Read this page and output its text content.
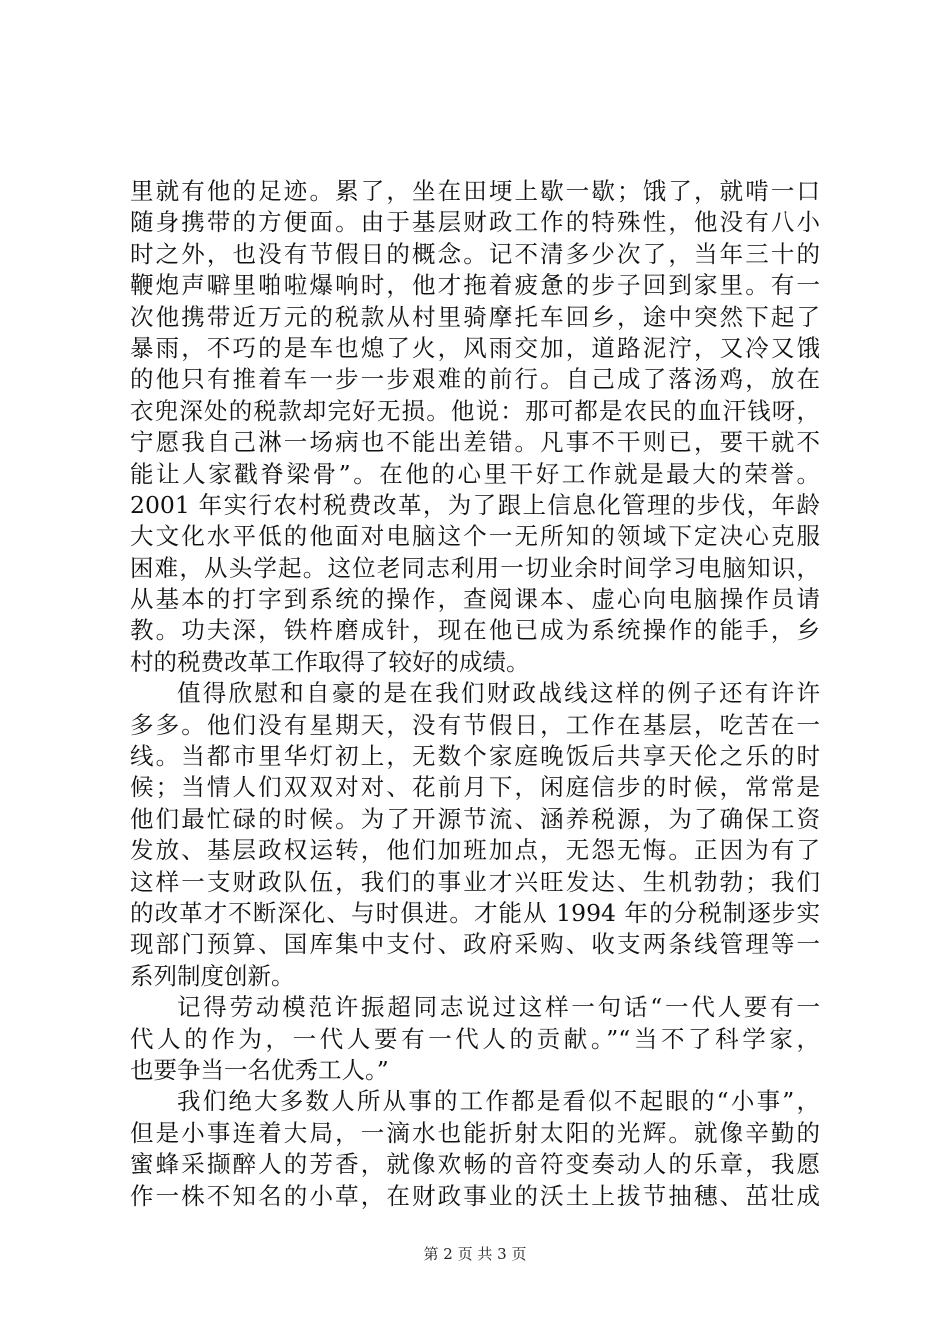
里就有他的足迹。累了，坐在田埂上歇一歇；饿了，就啃一口
随身携带的方便面。由于基层财政工作的特殊性，他没有八小
时之外，也没有节假日的概念。记不清多少次了，当年三十的
鞭炮声噼里啪啦爆响时，他才拖着疲惫的步子回到家里。有一
次他携带近万元的税款从村里骑摩托车回乡，途中突然下起了
暴雨，不巧的是车也熄了火，风雨交加，道路泥泞，又冷又饿
的他只有推着车一步一步艰难的前行。自己成了落汤鸡，放在
衣兜深处的税款却完好无损。他说：那可都是农民的血汗钱呀，
宁愿我自己淋一场病也不能出差错。凡事不干则已，要干就不
能让人家戳脊梁骨”。在他的心里干好工作就是最大的荣誉。
2001 年实行农村税费改革，为了跟上信息化管理的步伐，年龄
大文化水平低的他面对电脑这个一无所知的领域下定决心克服
困难，从头学起。这位老同志利用一切业余时间学习电脑知识，
从基本的打字到系统的操作，查阅课本、虚心向电脑操作员请
教。功夫深，铁杵磨成针，现在他已成为系统操作的能手，乡
村的税费改革工作取得了较好的成绩。
值得欣慰和自豪的是在我们财政战线这样的例子还有许许
多多。他们没有星期天，没有节假日，工作在基层，吃苦在一
线。当都市里华灯初上，无数个家庭晚饭后共享天伦之乐的时
候；当情人们双双对对、花前月下，闲庭信步的时候，常常是
他们最忙碌的时候。为了开源节流、涵养税源，为了确保工资
发放、基层政权运转，他们加班加点，无怨无悔。正因为有了
这样一支财政队伍，我们的事业才兴旺发达、生机勃勃；我们
的改革才不断深化、与时俱进。才能从 1994 年的分税制逐步实
现部门预算、国库集中支付、政府采购、收支两条线管理等一
系列制度创新。
记得劳动模范许振超同志说过这样一句话“一代人要有一
代人的作为，一代人要有一代人的贡献。”“当不了科学家，
也要争当一名优秀工人。”
我们绝大多数人所从事的工作都是看似不起眼的“小事”，
但是小事连着大局，一滴水也能折射太阳的光辉。就像辛勤的
蜜蜂采撷醉人的芳香，就像欢畅的音符变奏动人的乐章，我愿
作一株不知名的小草，在财政事业的沃土上拔节抽穗、茁壮成
第 2 页 共 3 页
